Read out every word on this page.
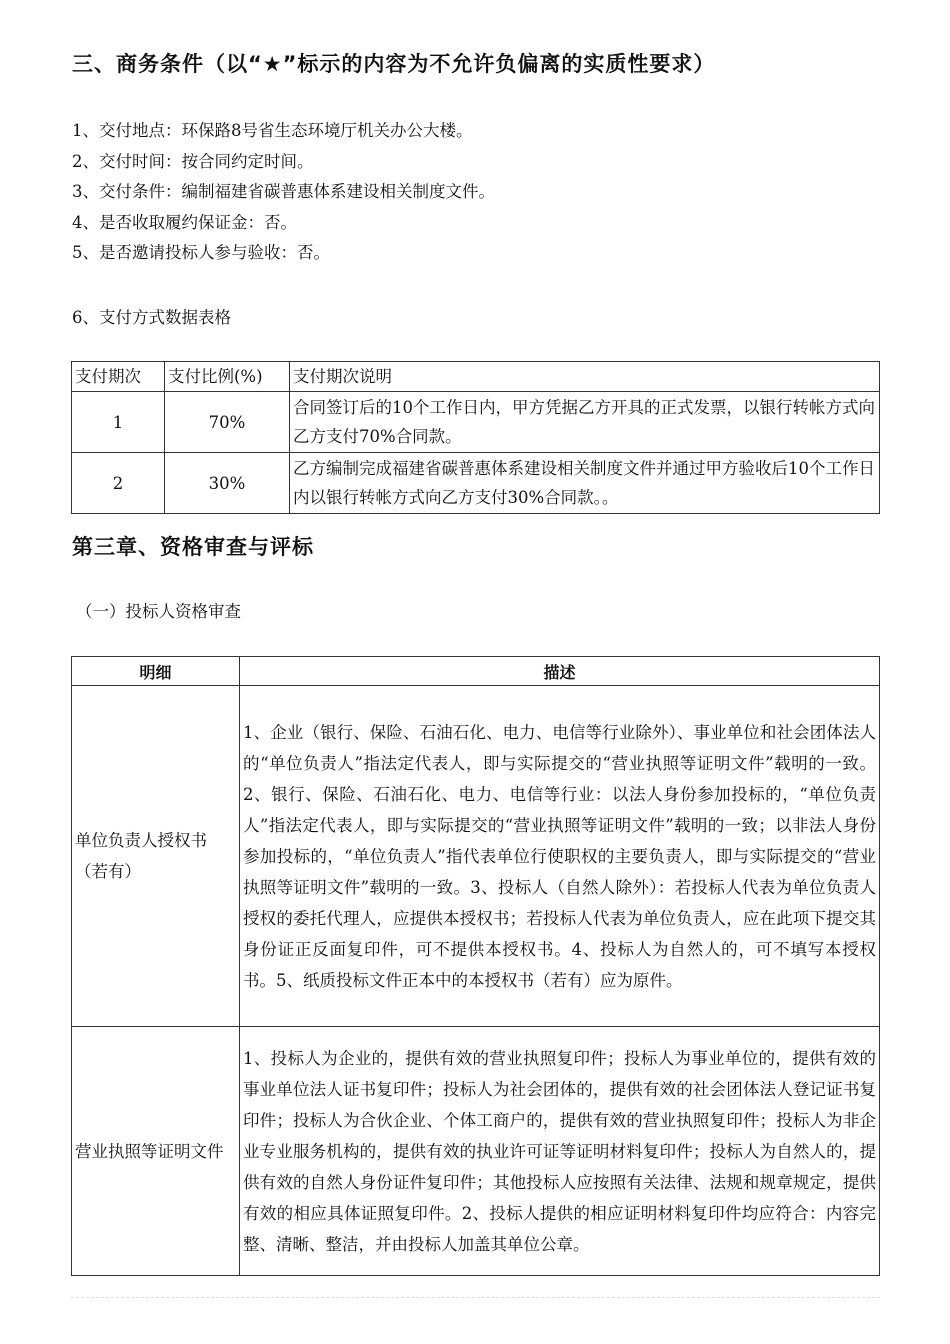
三、商务条件（以“★”标示的内容为不允许负偏离的实质性要求）
1、交付地点：环保路8号省生态环境厅机关办公大楼。
2、交付时间：按合同约定时间。
3、交付条件：编制福建省碳普惠体系建设相关制度文件。
4、是否收取履约保证金：否。
5、是否邀请投标人参与验收：否。
6、支付方式数据表格
支付期次	支付比例(%)	支付期次说明
1	70%	合同签订后的10个工作日内，甲方凭据乙方开具的正式发票，以银行转帐方式向乙方支付70%合同款。
2	30%	乙方编制完成福建省碳普惠体系建设相关制度文件并通过甲方验收后10个工作日内以银行转帐方式向乙方支付30%合同款。。
第三章、资格审查与评标
（一）投标人资格审查
明细	描述
单位负责人授权书（若有）	1、企业（银行、保险、石油石化、电力、电信等行业除外）、事业单位和社会团体法人的“单位负责人”指法定代表人，即与实际提交的“营业执照等证明文件”载明的一致。2、银行、保险、石油石化、电力、电信等行业：以法人身份参加投标的，“单位负责人”指法定代表人，即与实际提交的“营业执照等证明文件”载明的一致；以非法人身份参加投标的，“单位负责人”指代表单位行使职权的主要负责人，即与实际提交的“营业执照等证明文件”载明的一致。3、投标人（自然人除外）：若投标人代表为单位负责人授权的委托代理人，应提供本授权书；若投标人代表为单位负责人，应在此项下提交其身份证正反面复印件，可不提供本授权书。4、投标人为自然人的，可不填写本授权书。5、纸质投标文件正本中的本授权书（若有）应为原件。
营业执照等证明文件	1、投标人为企业的，提供有效的营业执照复印件；投标人为事业单位的，提供有效的事业单位法人证书复印件；投标人为社会团体的，提供有效的社会团体法人登记证书复印件；投标人为合伙企业、个体工商户的，提供有效的营业执照复印件；投标人为非企业专业服务机构的，提供有效的执业许可证等证明材料复印件；投标人为自然人的，提供有效的自然人身份证件复印件；其他投标人应按照有关法律、法规和规章规定，提供有效的相应具体证照复印件。2、投标人提供的相应证明材料复印件均应符合：内容完整、清晰、整洁，并由投标人加盖其单位公章。
